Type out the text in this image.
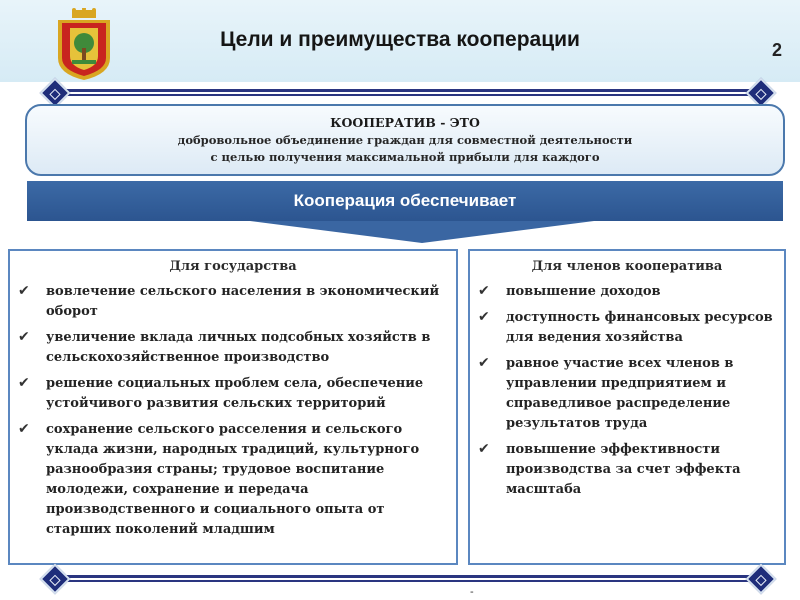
Цели и преимущества кооперации	2
КООПЕРАТИВ - ЭТО
добровольное объединение граждан для совместной деятельности
с целью получения максимальной прибыли для каждого
Кооперация обеспечивает
Для государства
✔ вовлечение сельского населения в экономический оборот
✔ увеличение вклада личных подсобных хозяйств в сельскохозяйственное производство
✔ решение социальных проблем села, обеспечение устойчивого развития сельских территорий
✔ сохранение сельского расселения и сельского уклада жизни, народных традиций, культурного разнообразия страны; трудовое воспитание молодежи, сохранение и передача производственного и социального опыта от старших поколений младшим
Для членов кооператива
✔ повышение доходов
✔ доступность финансовых ресурсов для ведения хозяйства
✔ равное участие всех членов в управлении предприятием и справедливое распределение результатов труда
✔ повышение эффективности производства за счет эффекта масштаба
-
